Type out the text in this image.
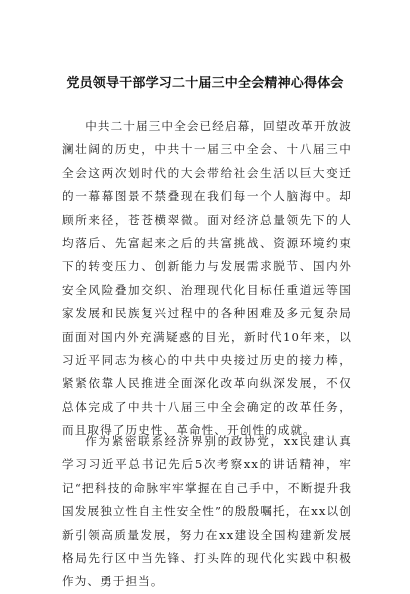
党员领导干部学习二十届三中全会精神心得体会

中共二十届三中全会已经启幕，回望改革开放波澜壮阔的历史，中共十一届三中全会、十八届三中全会这两次划时代的大会带给社会生活以巨大变迁的一幕幕图景不禁叠现在我们每一个人脑海中。却顾所来径，苍苍横翠微。面对经济总量领先下的人均落后、先富起来之后的共富挑战、资源环境约束下的转变压力、创新能力与发展需求脱节、国内外安全风险叠加交织、治理现代化目标任重道远等国家发展和民族复兴过程中的各种困难及多元复杂局面面对国内外充满疑惑的目光，新时代10年来，以习近平同志为核心的中共中央接过历史的接力棒，紧紧依靠人民推进全面深化改革向纵深发展，不仅总体完成了中共十八届三中全会确定的改革任务，而且取得了历史性、革命性、开创性的成就。

作为紧密联系经济界别的政协党，xx民建认真学习习近平总书记先后5次考察xx的讲话精神，牢记“把科技的命脉牢牢掌握在自己手中，不断提升我国发展独立性自主性安全性”的殷殷嘱托，在xx以创新引领高质量发展，努力在xx建设全国构建新发展格局先行区中当先锋、打头阵的现代化实践中积极作为、勇于担当。
